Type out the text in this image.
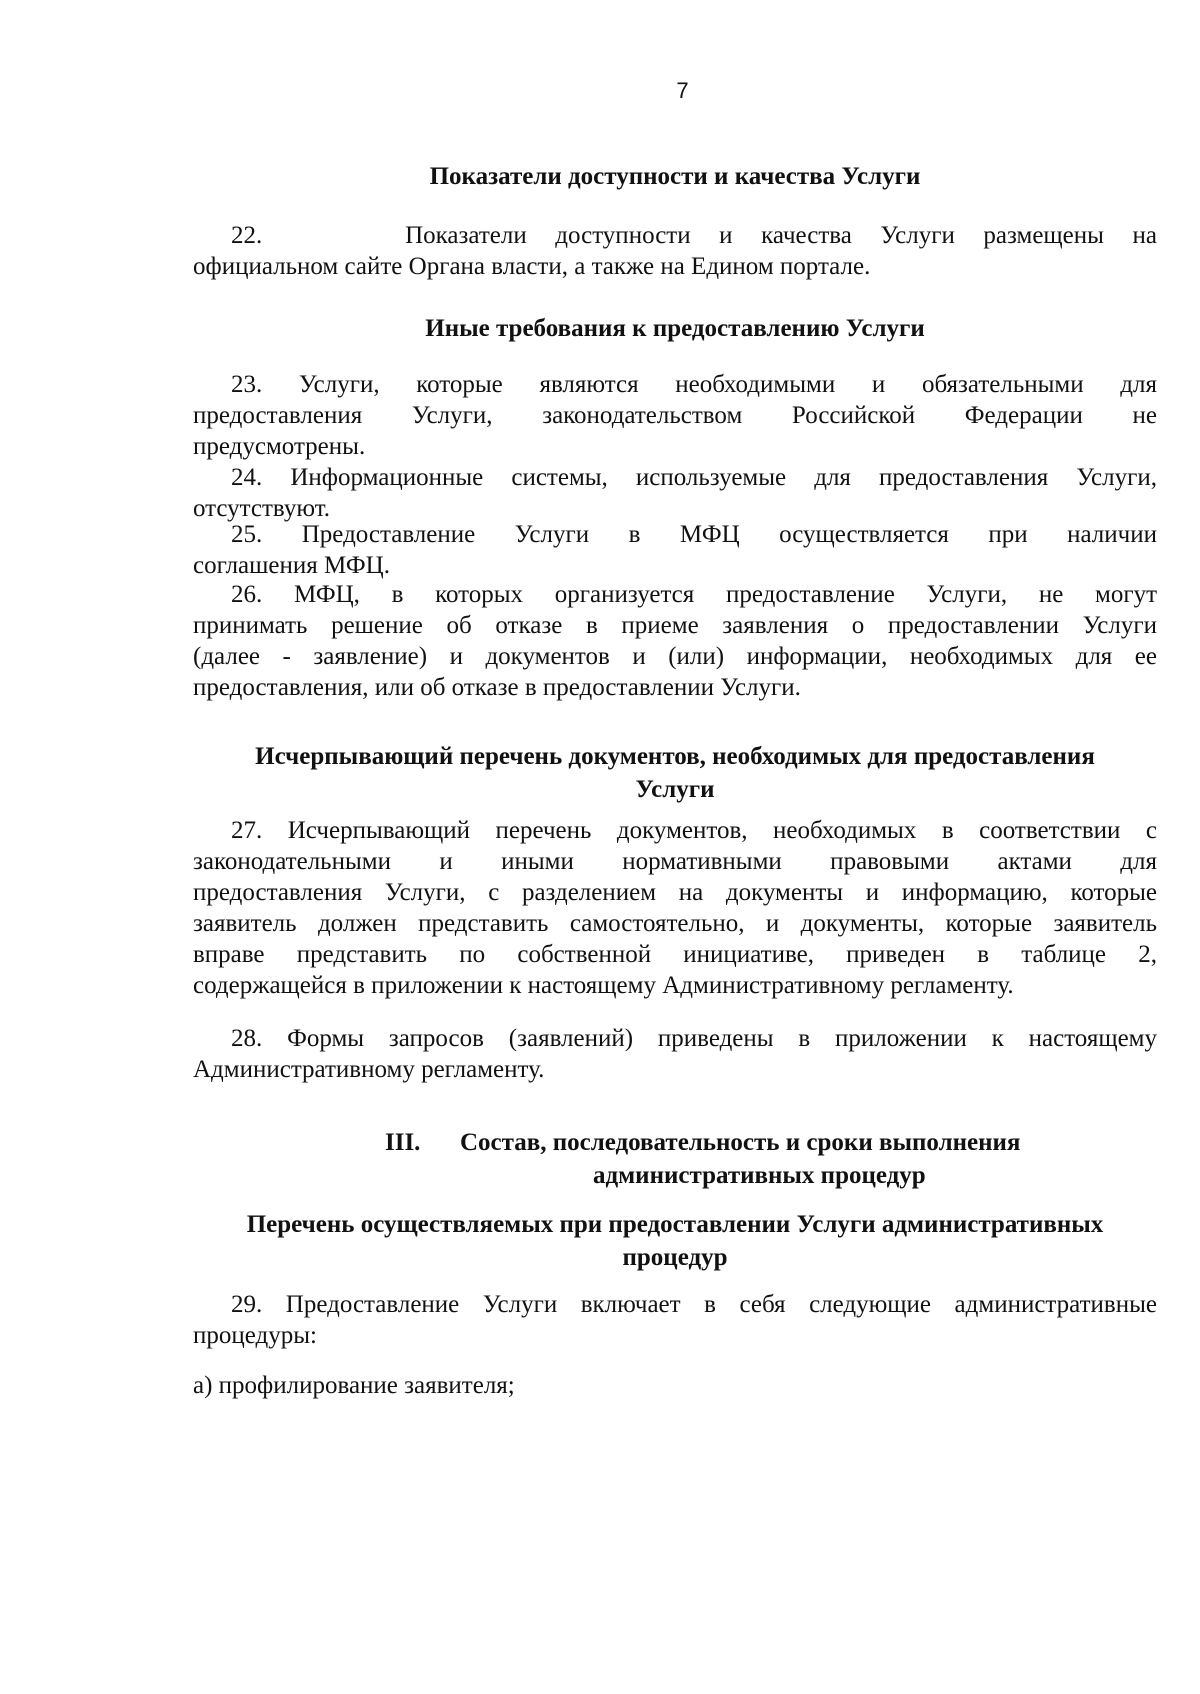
7
Показатели доступности и качества Услуги
22.     Показатели доступности и качества Услуги размещены на
официальном сайте Органа власти, а также на Едином портале.
Иные требования к предоставлению Услуги
23. Услуги, которые являются необходимыми и обязательными для
предоставления Услуги, законодательством Российской Федерации не
предусмотрены.
24. Информационные системы, используемые для предоставления Услуги,
отсутствуют.
25. Предоставление Услуги в МФЦ осуществляется при наличии
соглашения МФЦ.
26. МФЦ, в которых организуется предоставление Услуги, не могут
принимать решение об отказе в приеме заявления о предоставлении Услуги
(далее - заявление) и документов и (или) информации, необходимых для ее
предоставления, или об отказе в предоставлении Услуги.
Исчерпывающий перечень документов, необходимых для предоставления
Услуги
27. Исчерпывающий перечень документов, необходимых в соответствии с
законодательными и иными нормативными правовыми актами для
предоставления Услуги, с разделением на документы и информацию, которые
заявитель должен представить самостоятельно, и документы, которые заявитель
вправе представить по собственной инициативе, приведен в таблице 2,
содержащейся в приложении к настоящему Административному регламенту.
28. Формы запросов (заявлений) приведены в приложении к настоящему
Административному регламенту.
III. Состав, последовательность и сроки выполнения
административных процедур
Перечень осуществляемых при предоставлении Услуги административных
процедур
29. Предоставление Услуги включает в себя следующие административные
процедуры:
а) профилирование заявителя;
